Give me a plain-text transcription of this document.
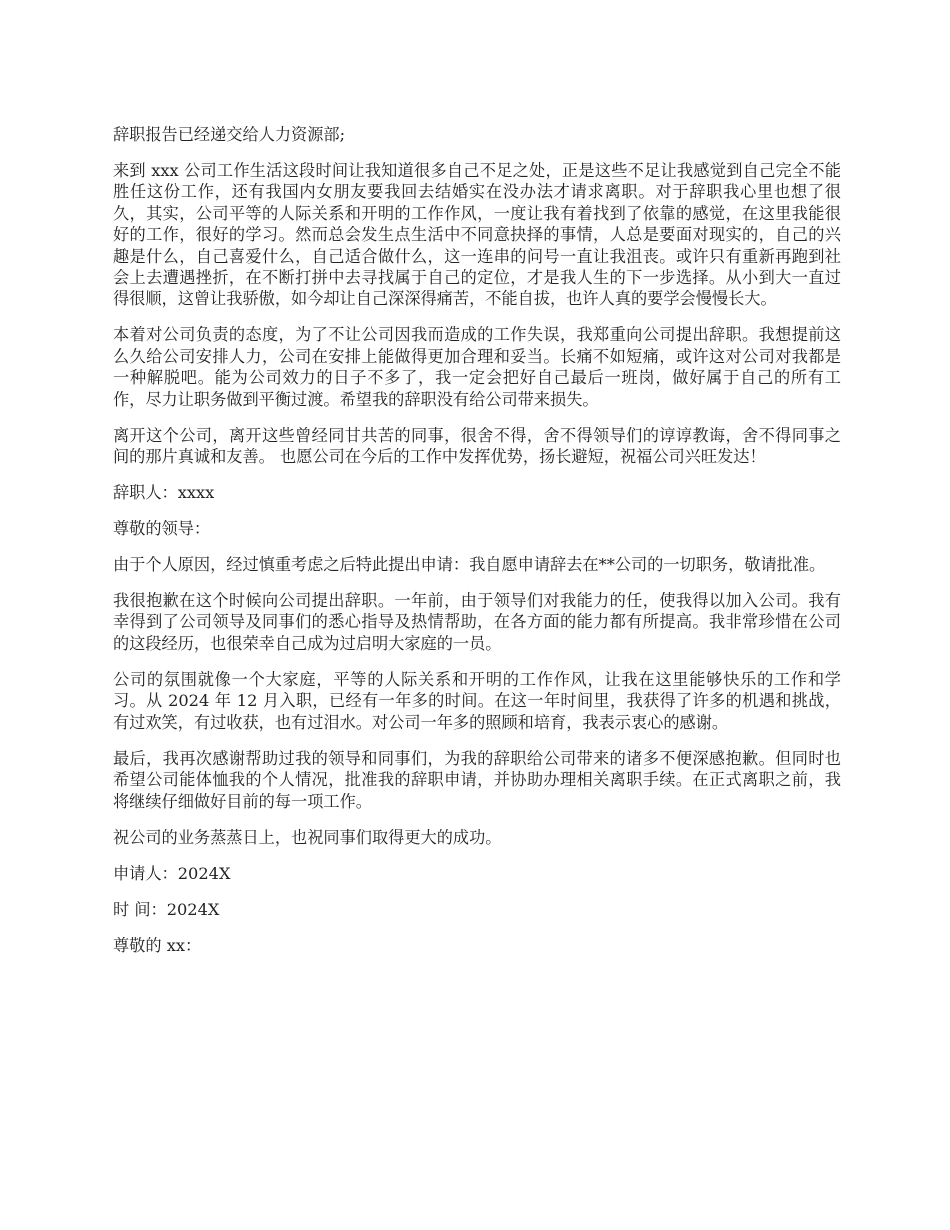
辞职报告已经递交给人力资源部;

来到 xxx 公司工作生活这段时间让我知道很多自己不足之处，正是这些不足让我感觉到自己完全不能胜任这份工作，还有我国内女朋友要我回去结婚实在没办法才请求离职。对于辞职我心里也想了很久，其实，公司平等的人际关系和开明的工作作风，一度让我有着找到了依靠的感觉，在这里我能很好的工作，很好的学习。然而总会发生点生活中不同意抉择的事情，人总是要面对现实的，自己的兴趣是什么，自己喜爱什么，自己适合做什么，这一连串的问号一直让我沮丧。或许只有重新再跑到社会上去遭遇挫折，在不断打拼中去寻找属于自己的定位，才是我人生的下一步选择。从小到大一直过得很顺，这曾让我骄傲，如今却让自己深深得痛苦，不能自拔，也许人真的要学会慢慢长大。

本着对公司负责的态度，为了不让公司因我而造成的工作失误，我郑重向公司提出辞职。我想提前这么久给公司安排人力，公司在安排上能做得更加合理和妥当。长痛不如短痛，或许这对公司对我都是一种解脱吧。能为公司效力的日子不多了，我一定会把好自己最后一班岗，做好属于自己的所有工作，尽力让职务做到平衡过渡。希望我的辞职没有给公司带来损失。

离开这个公司，离开这些曾经同甘共苦的同事，很舍不得，舍不得领导们的谆谆教诲，舍不得同事之间的那片真诚和友善。 也愿公司在今后的工作中发挥优势，扬长避短，祝福公司兴旺发达！

辞职人：xxxx

尊敬的领导：

由于个人原因，经过慎重考虑之后特此提出申请：我自愿申请辞去在**公司的一切职务，敬请批准。

我很抱歉在这个时候向公司提出辞职。一年前，由于领导们对我能力的任，使我得以加入公司。我有幸得到了公司领导及同事们的悉心指导及热情帮助，在各方面的能力都有所提高。我非常珍惜在公司的这段经历，也很荣幸自己成为过启明大家庭的一员。

公司的氛围就像一个大家庭，平等的人际关系和开明的工作作风，让我在这里能够快乐的工作和学习。从 2024 年 12 月入职，已经有一年多的时间。在这一年时间里，我获得了许多的机遇和挑战，有过欢笑，有过收获，也有过泪水。对公司一年多的照顾和培育，我表示衷心的感谢。

最后，我再次感谢帮助过我的领导和同事们，为我的辞职给公司带来的诸多不便深感抱歉。但同时也希望公司能体恤我的个人情况，批准我的辞职申请，并协助办理相关离职手续。在正式离职之前，我将继续仔细做好目前的每一项工作。

祝公司的业务蒸蒸日上，也祝同事们取得更大的成功。

申请人：2024X

时 间：2024X

尊敬的 xx：
